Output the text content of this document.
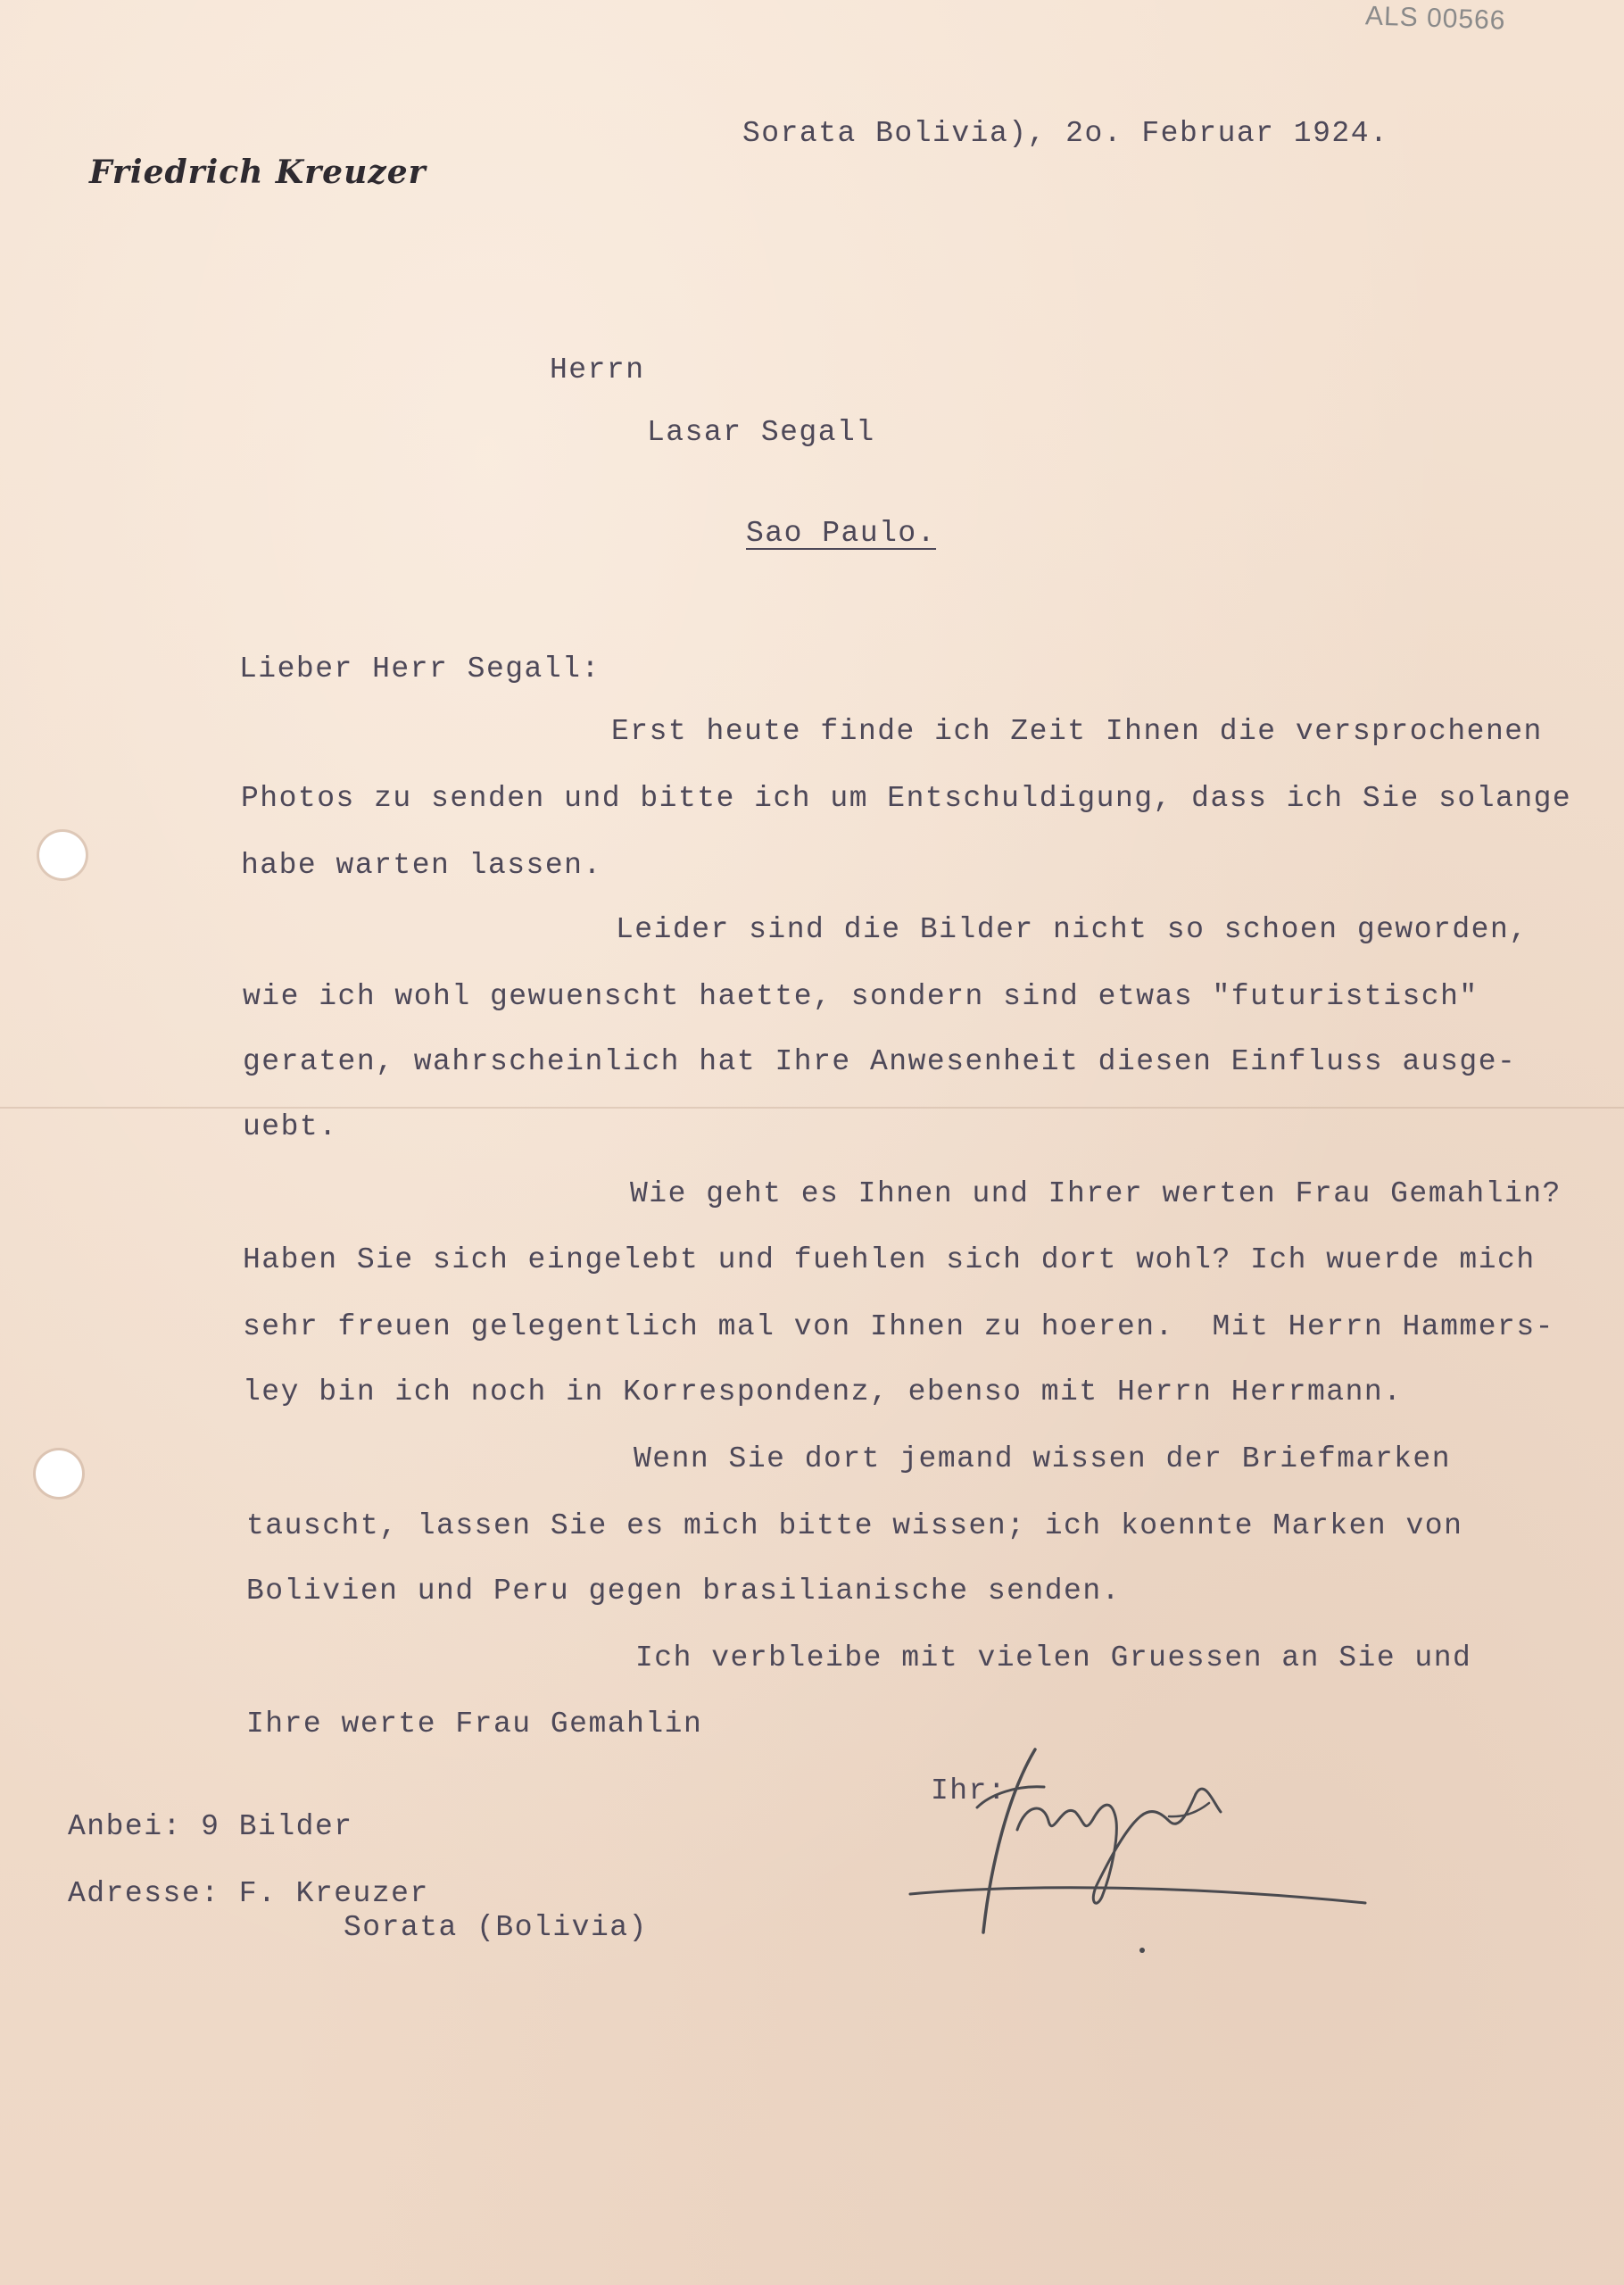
ALS 00566
Friedrich Kreuzer
Sorata Bolivia), 2o. Februar 1924.
Herrn
Lasar Segall
Sao Paulo.
Lieber Herr Segall:
Erst heute finde ich Zeit Ihnen die versprochenen
Photos zu senden und bitte ich um Entschuldigung, dass ich Sie solange
habe warten lassen.
Leider sind die Bilder nicht so schoen geworden,
wie ich wohl gewuenscht haette, sondern sind etwas "futuristisch"
geraten, wahrscheinlich hat Ihre Anwesenheit diesen Einfluss ausge-
uebt.
Wie geht es Ihnen und Ihrer werten Frau Gemahlin?
Haben Sie sich eingelebt und fuehlen sich dort wohl? Ich wuerde mich
sehr freuen gelegentlich mal von Ihnen zu hoeren.  Mit Herrn Hammers-
ley bin ich noch in Korrespondenz, ebenso mit Herrn Herrmann.
Wenn Sie dort jemand wissen der Briefmarken
tauscht, lassen Sie es mich bitte wissen; ich koennte Marken von
Bolivien und Peru gegen brasilianische senden.
Ich verbleibe mit vielen Gruessen an Sie und
Ihre werte Frau Gemahlin
Ihr:
Anbei: 9 Bilder
Adresse: F. Kreuzer
Sorata (Bolivia)
